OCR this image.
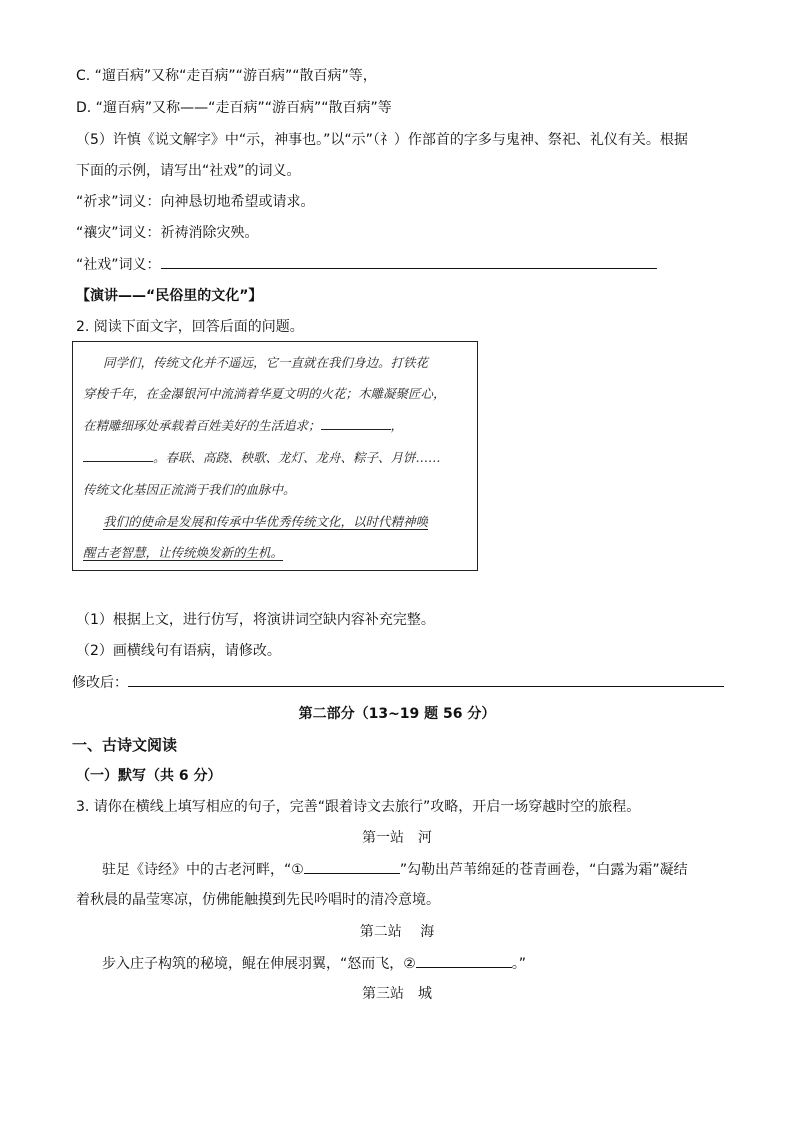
C. “遛百病”又称“走百病”“游百病”“散百病”等，
D. “遛百病”又称——“走百病”“游百病”“散百病”等
（5）许慎《说文解字》中“示，神事也。”以“示”（礻）作部首的字多与鬼神、祭祀、礼仪有关。根据
下面的示例，请写出“社戏”的词义。
“祈求”词义：向神恳切地希望或请求。
“禳灾”词义：祈祷消除灾殃。
“社戏”词义：
【演讲——“民俗里的文化”】
2. 阅读下面文字，回答后面的问题。
同学们，传统文化并不遥远，它一直就在我们身边。打铁花
穿梭千年，在金瀑银河中流淌着华夏文明的火花；木雕凝聚匠心，
在精雕细琢处承载着百姓美好的生活追求；	，
。春联、高跷、秧歌、龙灯、龙舟、粽子、月饼……
传统文化基因正流淌于我们的血脉中。
我们的使命是发展和传承中华优秀传统文化，以时代精神唤
醒古老智慧，让传统焕发新的生机。
（1）根据上文，进行仿写，将演讲词空缺内容补充完整。
（2）画横线句有语病，请修改。
修改后：
第二部分（13~19 题 56 分）
一、古诗文阅读
（一）默写（共 6 分）
3. 请你在横线上填写相应的句子，完善“跟着诗文去旅行”攻略，开启一场穿越时空的旅程。
第一站　河
驻足《诗经》中的古老河畔，“①	”勾勒出芦苇绵延的苍青画卷，“白露为霜”凝结
着秋晨的晶莹寒凉，仿佛能触摸到先民吟唱时的清冷意境。
第二站　 海
步入庄子构筑的秘境，鲲在伸展羽翼，“怒而飞，②	。”
第三站　城
